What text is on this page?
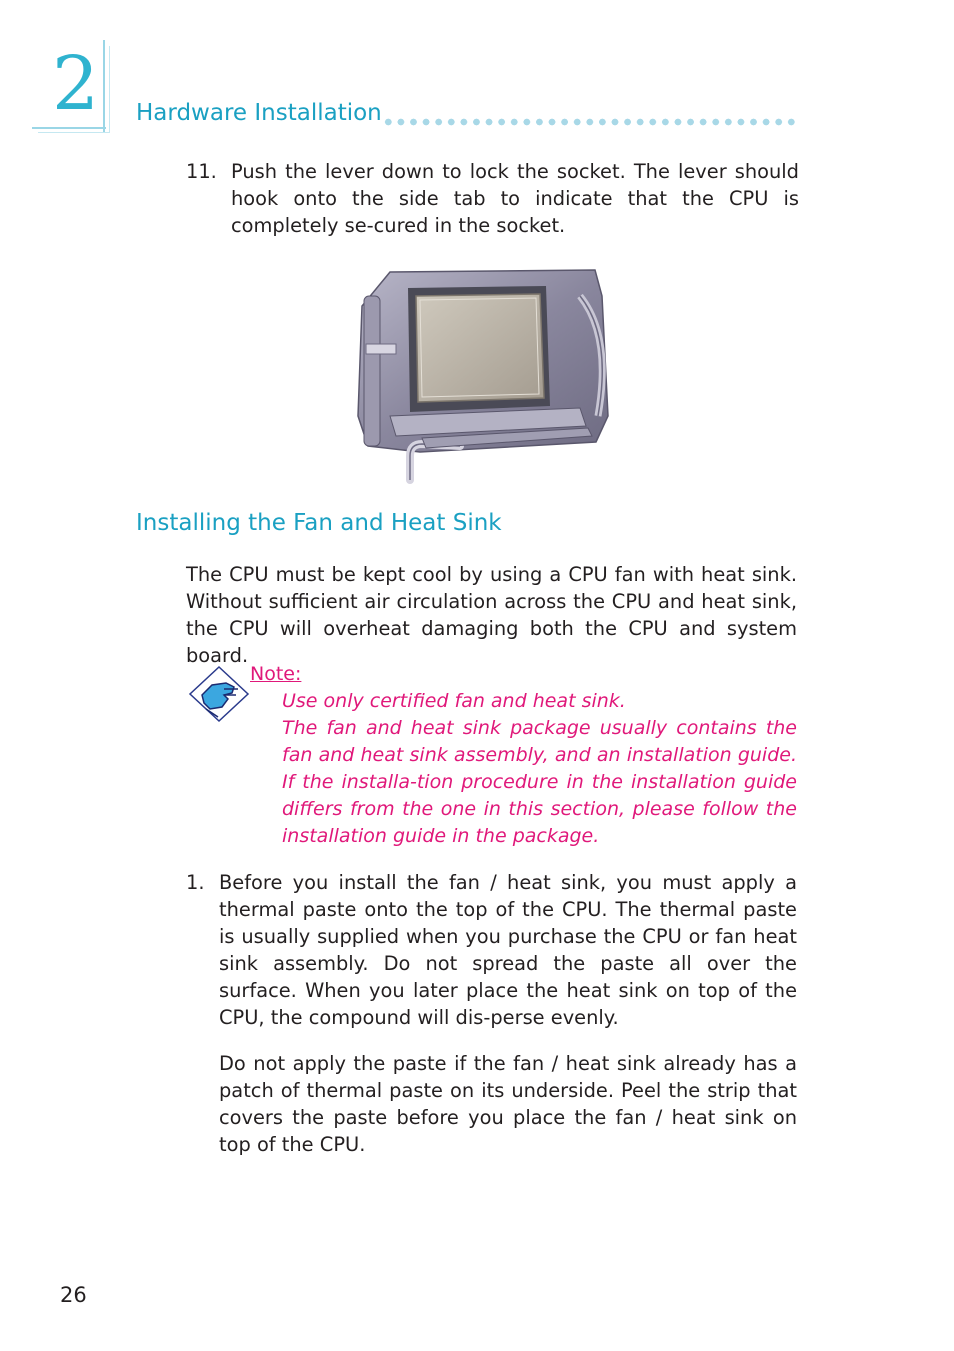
2 Hardware Installation
11. Push the lever down to lock the socket. The lever should hook onto the side tab to indicate that the CPU is completely se-cured in the socket.
Installing the Fan and Heat Sink
The CPU must be kept cool by using a CPU fan with heat sink. Without sufficient air circulation across the CPU and heat sink, the CPU will overheat damaging both the CPU and system board.
Note:

Use only certified fan and heat sink.

The fan and heat sink package usually contains the fan and heat sink assembly, and an installation guide. If the installa-tion procedure in the installation guide differs from the one in this section, please follow the installation guide in the package.

1. Before you install the fan / heat sink, you must apply a thermal paste onto the top of the CPU. The thermal paste is usually supplied when you purchase the CPU or fan heat sink assembly. Do not spread the paste all over the surface. When you later place the heat sink on top of the CPU, the compound will dis-perse evenly.
Do not apply the paste if the fan / heat sink already has a patch of thermal paste on its underside. Peel the strip that covers the paste before you place the fan / heat sink on top of the CPU.
26
